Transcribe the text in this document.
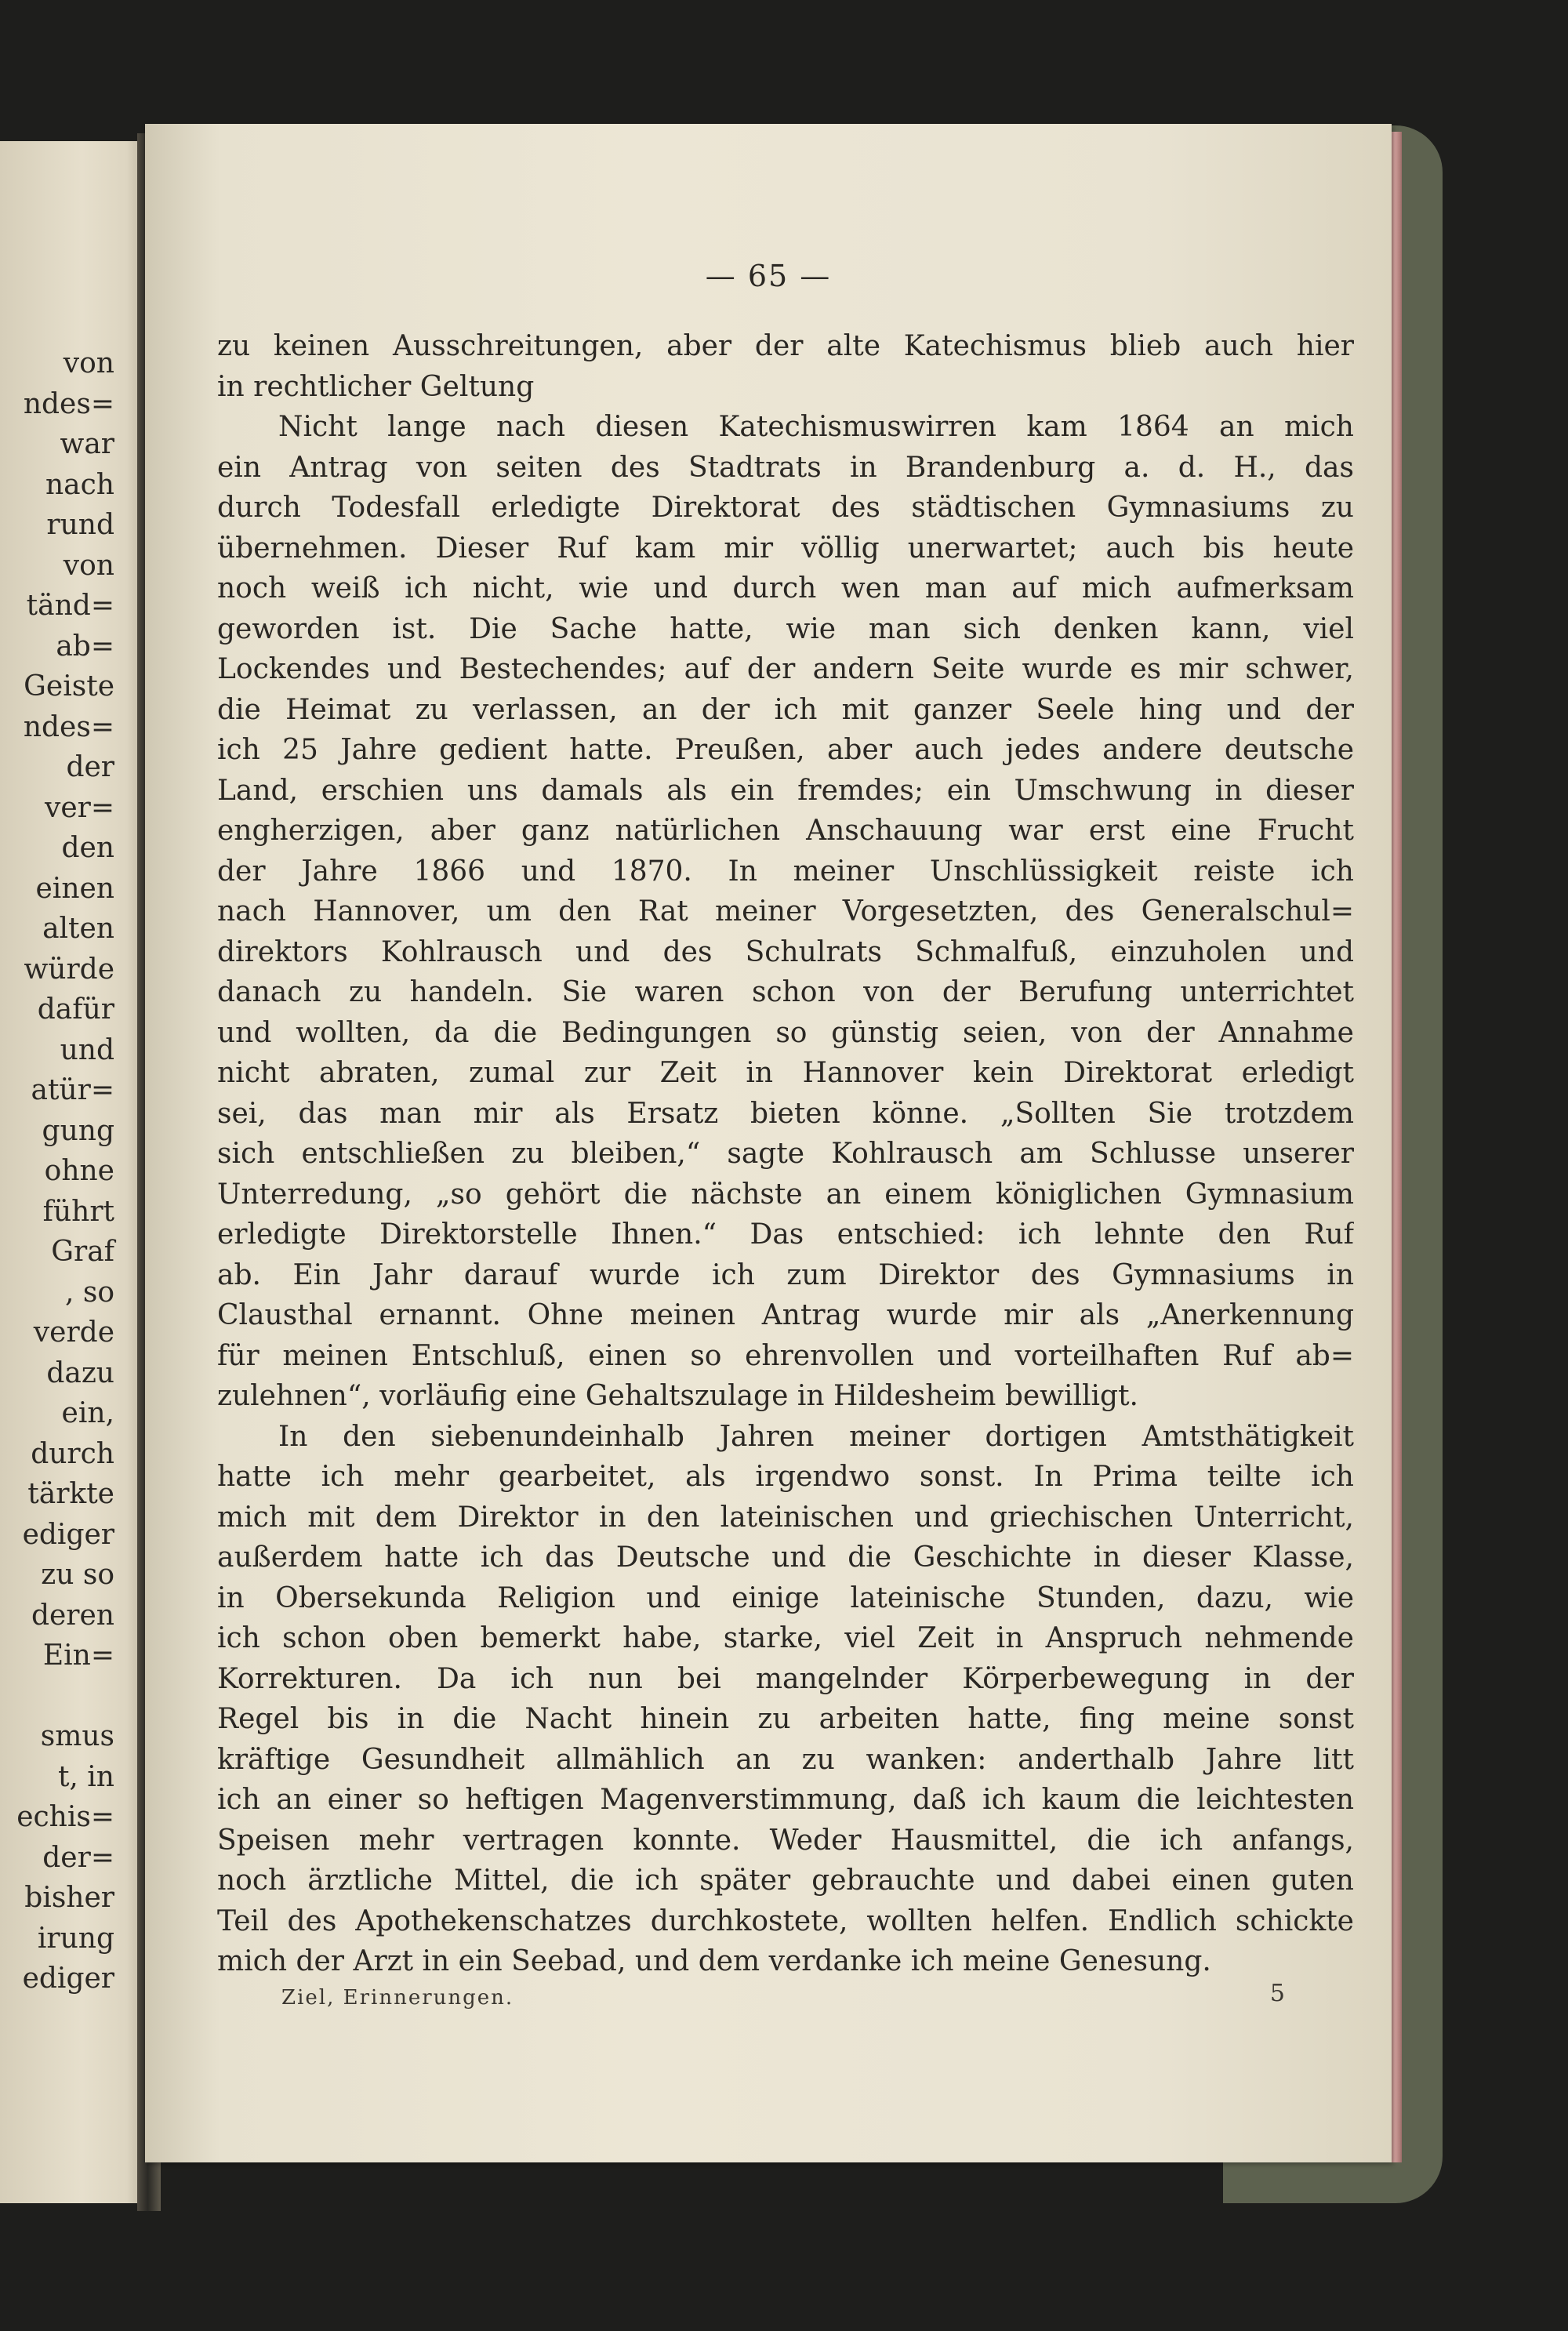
von
ndes=
war
nach
rund
von
tänd=
ab=
Geiste
ndes=
der
ver=
den
einen
alten
würde
dafür
und
atür=
gung
ohne
führt
Graf
, so
verde
dazu
ein,
durch
tärkte
ediger
zu so
deren
Ein=
smus
t, in
echis=
der=
bisher
irung
ediger
— 65 —
zu keinen Ausschreitungen, aber der alte Katechismus blieb auch hier
in rechtlicher Geltung
Nicht lange nach diesen Katechismuswirren kam 1864 an mich
ein Antrag von seiten des Stadtrats in Brandenburg a. d. H., das
durch Todesfall erledigte Direktorat des städtischen Gymnasiums zu
übernehmen. Dieser Ruf kam mir völlig unerwartet; auch bis heute
noch weiß ich nicht, wie und durch wen man auf mich aufmerksam
geworden ist. Die Sache hatte, wie man sich denken kann, viel
Lockendes und Bestechendes; auf der andern Seite wurde es mir schwer,
die Heimat zu verlassen, an der ich mit ganzer Seele hing und der
ich 25 Jahre gedient hatte. Preußen, aber auch jedes andere deutsche
Land, erschien uns damals als ein fremdes; ein Umschwung in dieser
engherzigen, aber ganz natürlichen Anschauung war erst eine Frucht
der Jahre 1866 und 1870. In meiner Unschlüssigkeit reiste ich
nach Hannover, um den Rat meiner Vorgesetzten, des Generalschul=
direktors Kohlrausch und des Schulrats Schmalfuß, einzuholen und
danach zu handeln. Sie waren schon von der Berufung unterrichtet
und wollten, da die Bedingungen so günstig seien, von der Annahme
nicht abraten, zumal zur Zeit in Hannover kein Direktorat erledigt
sei, das man mir als Ersatz bieten könne. „Sollten Sie trotzdem
sich entschließen zu bleiben,“ sagte Kohlrausch am Schlusse unserer
Unterredung, „so gehört die nächste an einem königlichen Gymnasium
erledigte Direktorstelle Ihnen.“ Das entschied: ich lehnte den Ruf
ab. Ein Jahr darauf wurde ich zum Direktor des Gymnasiums in
Clausthal ernannt. Ohne meinen Antrag wurde mir als „Anerkennung
für meinen Entschluß, einen so ehrenvollen und vorteilhaften Ruf ab=
zulehnen“, vorläufig eine Gehaltszulage in Hildesheim bewilligt.
In den siebenundeinhalb Jahren meiner dortigen Amtsthätigkeit
hatte ich mehr gearbeitet, als irgendwo sonst. In Prima teilte ich
mich mit dem Direktor in den lateinischen und griechischen Unterricht,
außerdem hatte ich das Deutsche und die Geschichte in dieser Klasse,
in Obersekunda Religion und einige lateinische Stunden, dazu, wie
ich schon oben bemerkt habe, starke, viel Zeit in Anspruch nehmende
Korrekturen. Da ich nun bei mangelnder Körperbewegung in der
Regel bis in die Nacht hinein zu arbeiten hatte, fing meine sonst
kräftige Gesundheit allmählich an zu wanken: anderthalb Jahre litt
ich an einer so heftigen Magenverstimmung, daß ich kaum die leichtesten
Speisen mehr vertragen konnte. Weder Hausmittel, die ich anfangs,
noch ärztliche Mittel, die ich später gebrauchte und dabei einen guten
Teil des Apothekenschatzes durchkostete, wollten helfen. Endlich schickte
mich der Arzt in ein Seebad, und dem verdanke ich meine Genesung.
Ziel, Erinnerungen.	5
